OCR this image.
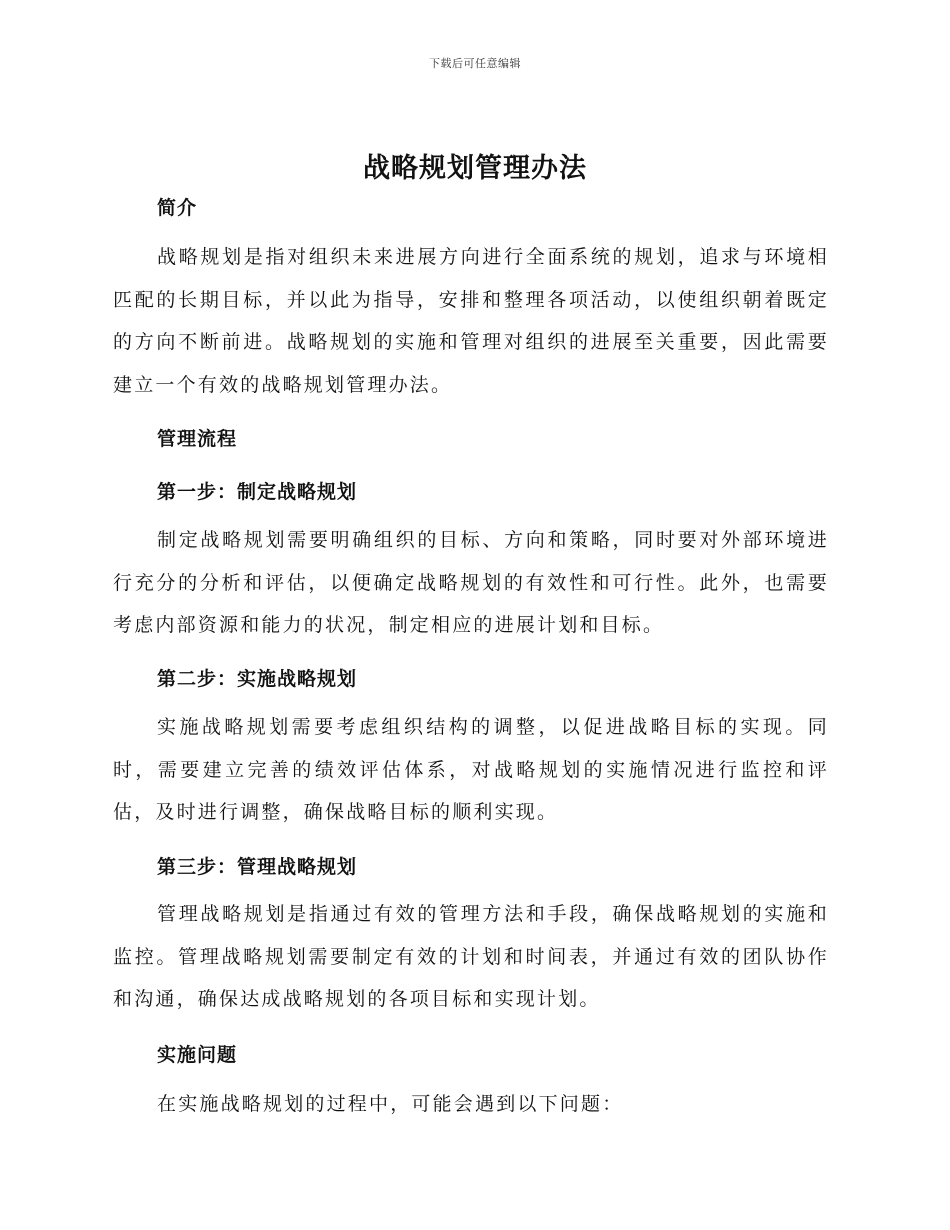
下载后可任意编辑
战略规划管理办法
简介

战略规划是指对组织未来进展方向进行全面系统的规划，追求与环境相匹配的长期目标，并以此为指导，安排和整理各项活动，以使组织朝着既定的方向不断前进。战略规划的实施和管理对组织的进展至关重要，因此需要建立一个有效的战略规划管理办法。

管理流程
第一步：制定战略规划

制定战略规划需要明确组织的目标、方向和策略，同时要对外部环境进行充分的分析和评估，以便确定战略规划的有效性和可行性。此外，也需要考虑内部资源和能力的状况，制定相应的进展计划和目标。

第二步：实施战略规划

实施战略规划需要考虑组织结构的调整，以促进战略目标的实现。同时，需要建立完善的绩效评估体系，对战略规划的实施情况进行监控和评估，及时进行调整，确保战略目标的顺利实现。

第三步：管理战略规划

管理战略规划是指通过有效的管理方法和手段，确保战略规划的实施和监控。管理战略规划需要制定有效的计划和时间表，并通过有效的团队协作和沟通，确保达成战略规划的各项目标和实现计划。

实施问题

在实施战略规划的过程中，可能会遇到以下问题：
